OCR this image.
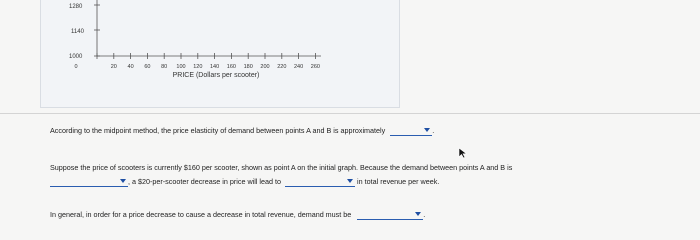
1280
1140
1000
0	20 40 60 80 100 120 140 160 180 200 220 240 260
PRICE (Dollars per scooter)
According to the midpoint method, the price elasticity of demand between points A and B is approximately	.
Suppose the price of scooters is currently $160 per scooter, shown as point A on the initial graph. Because the demand between points A and B is
, a $20-per-scooter decrease in price will lead to	in total revenue per week.
In general, in order for a price decrease to cause a decrease in total revenue, demand must be	.
